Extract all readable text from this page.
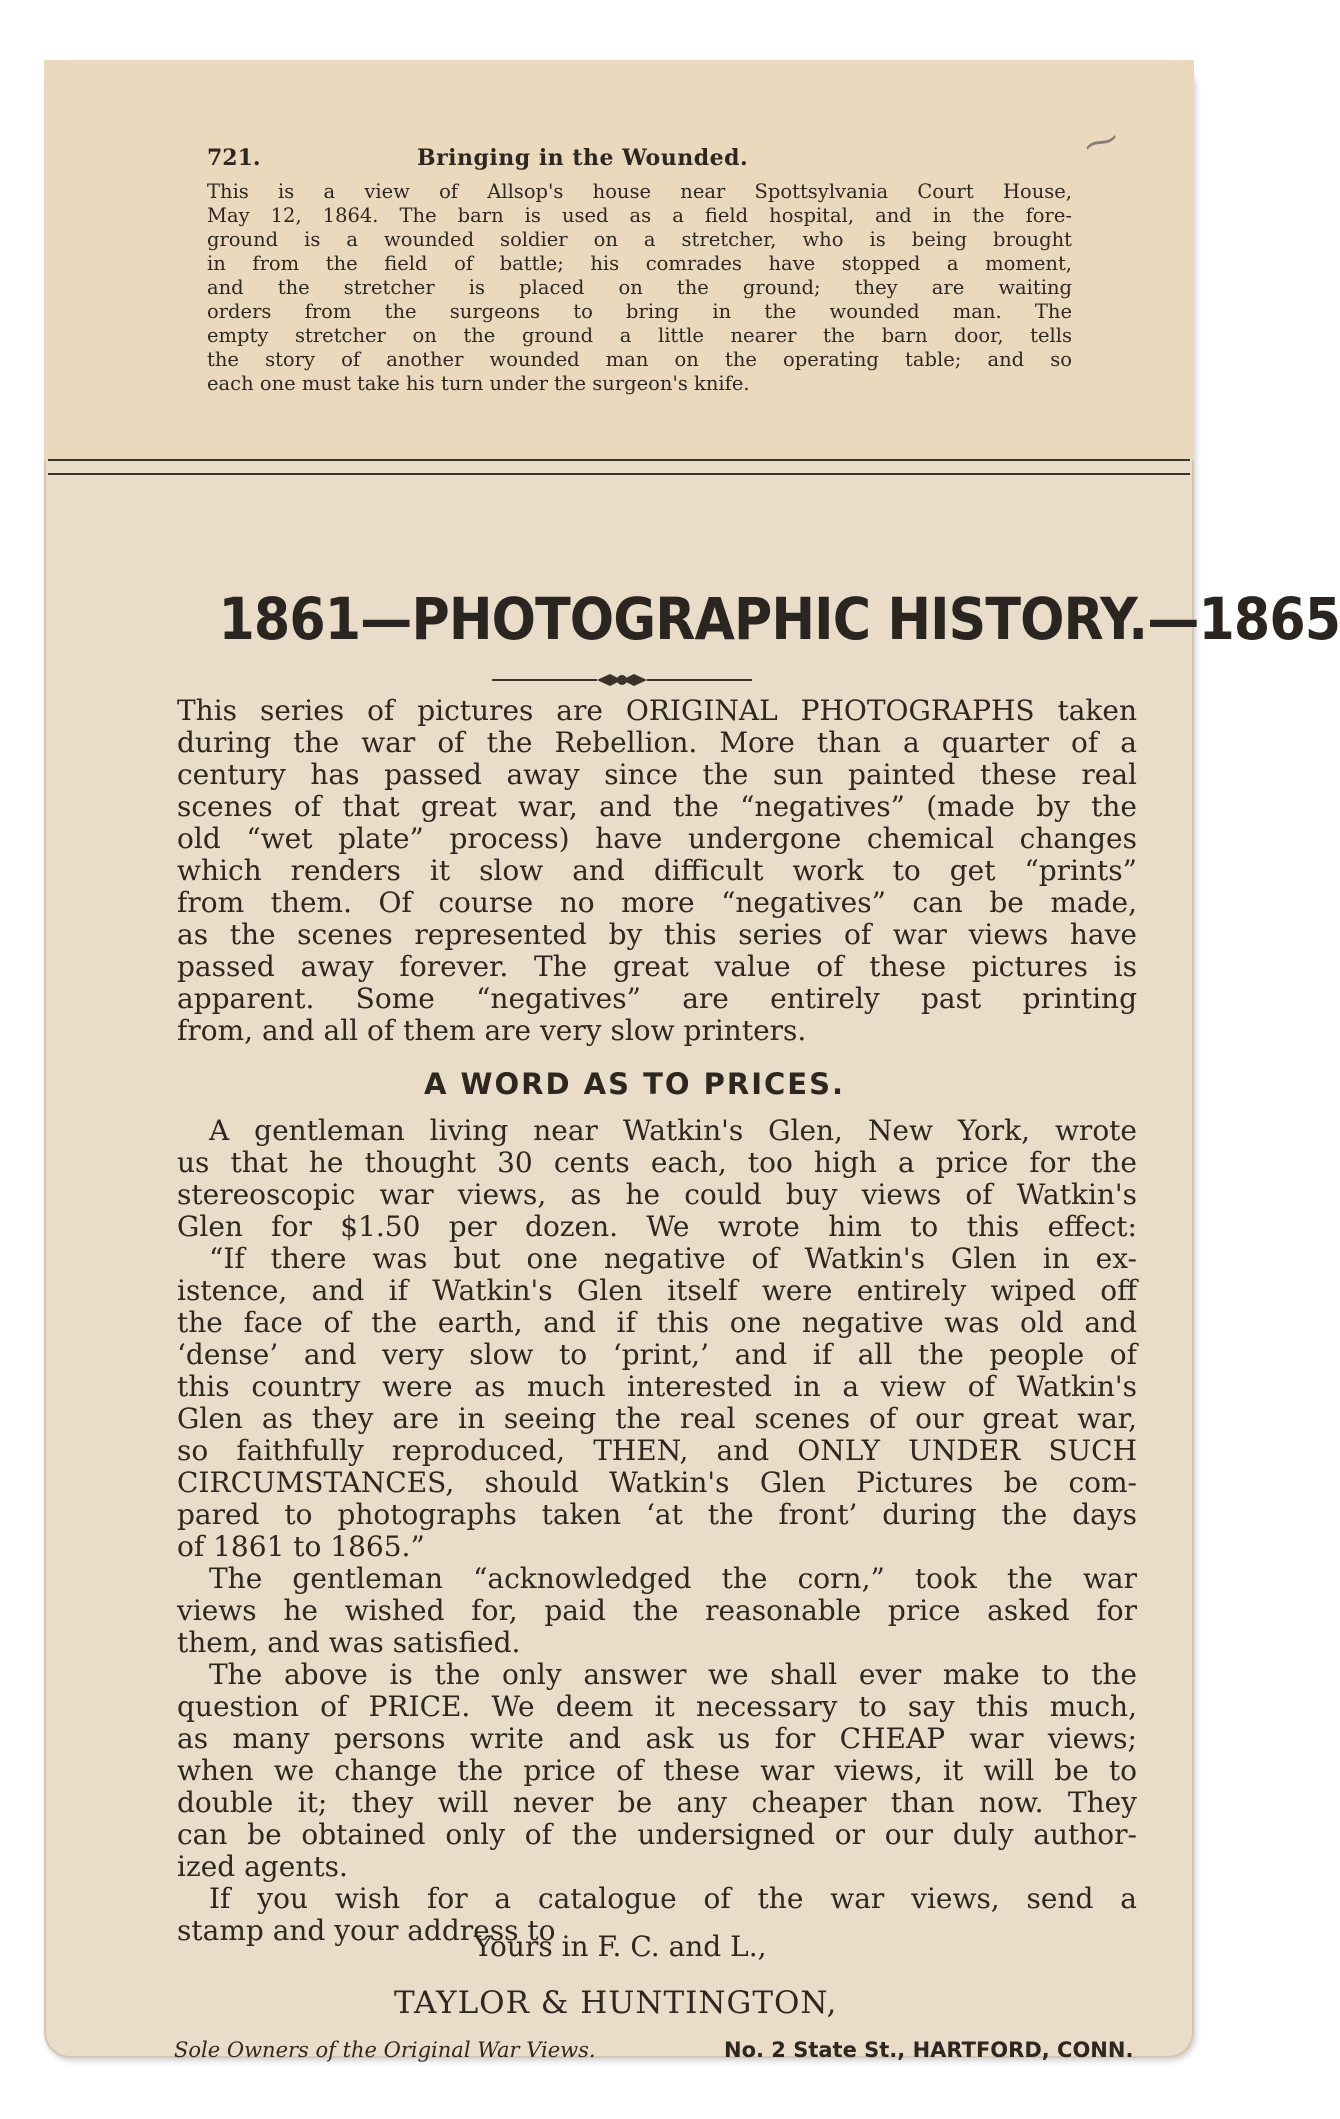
⁓
721.	Bringing in the Wounded.
This is a view of Allsop's house near Spottsylvania Court House,
May 12, 1864. The barn is used as a field hospital, and in the fore-
ground is a wounded soldier on a stretcher, who is being brought
in from the field of battle; his comrades have stopped a moment,
and the stretcher is placed on the ground; they are waiting
orders from the surgeons to bring in the wounded man. The
empty stretcher on the ground a little nearer the barn door, tells
the story of another wounded man on the operating table; and so
each one must take his turn under the surgeon's knife.
1861—PHOTOGRAPHIC HISTORY.—1865
This series of pictures are ORIGINAL PHOTOGRAPHS taken
during the war of the Rebellion. More than a quarter of a
century has passed away since the sun painted these real
scenes of that great war, and the “negatives” (made by the
old “wet plate” process) have undergone chemical changes
which renders it slow and difficult work to get “prints”
from them. Of course no more “negatives” can be made,
as the scenes represented by this series of war views have
passed away forever. The great value of these pictures is
apparent. Some “negatives” are entirely past printing
from, and all of them are very slow printers.
A WORD AS TO PRICES.
A gentleman living near Watkin's Glen, New York, wrote
us that he thought 30 cents each, too high a price for the
stereoscopic war views, as he could buy views of Watkin's
Glen for $1.50 per dozen. We wrote him to this effect:
“If there was but one negative of Watkin's Glen in ex-
istence, and if Watkin's Glen itself were entirely wiped off
the face of the earth, and if this one negative was old and
‘dense’ and very slow to ‘print,’ and if all the people of
this country were as much interested in a view of Watkin's
Glen as they are in seeing the real scenes of our great war,
so faithfully reproduced, THEN, and ONLY UNDER SUCH
CIRCUMSTANCES, should Watkin's Glen Pictures be com-
pared to photographs taken ‘at the front’ during the days
of 1861 to 1865.”
The gentleman “acknowledged the corn,” took the war
views he wished for, paid the reasonable price asked for
them, and was satisfied.
The above is the only answer we shall ever make to the
question of PRICE. We deem it necessary to say this much,
as many persons write and ask us for CHEAP war views;
when we change the price of these war views, it will be to
double it; they will never be any cheaper than now. They
can be obtained only of the undersigned or our duly author-
ized agents.
If you wish for a catalogue of the war views, send a
stamp and your address to
Yours in F. C. and L.,
TAYLOR & HUNTINGTON,
Sole Owners of the Original War Views.	No. 2 State St., HARTFORD, CONN.
